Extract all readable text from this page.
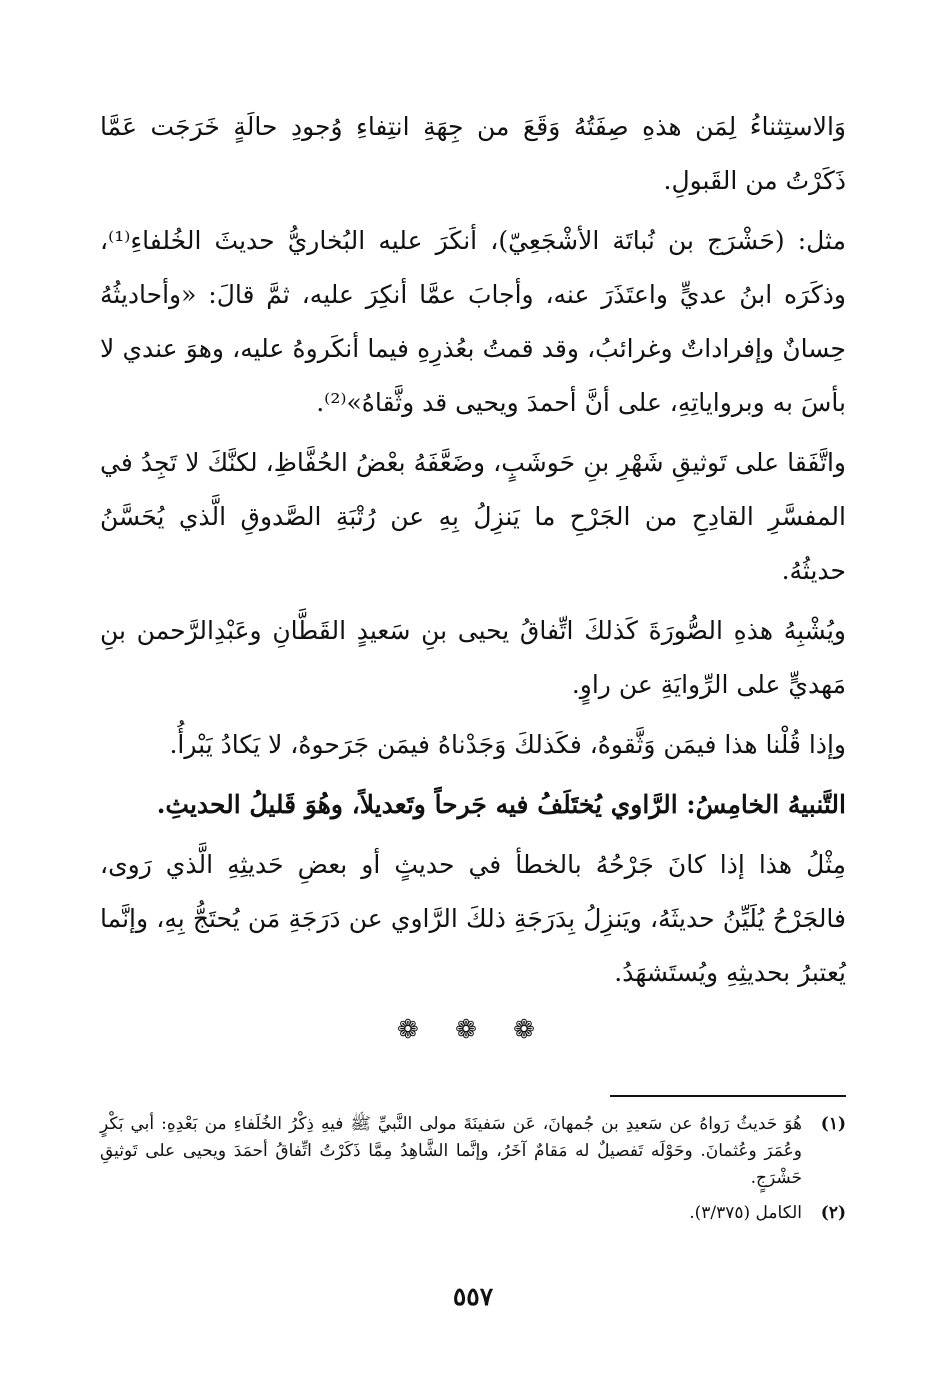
وَالاستِثناءُ لِمَن هذهِ صِفَتُهُ وَقَعَ من جِهَةِ انتِفاءِ وُجودِ حالَةٍ خَرَجَت عَمَّا ذَكَرْتُ من القَبولِ.

مثل: (حَشْرَج بن نُباتَة الأشْجَعِيّ)، أنكَرَ عليه البُخاريُّ حديثَ الخُلفاءِ⁽¹⁾، وذكَرَه ابنُ عديٍّ واعتَذَرَ عنه، وأجابَ عمَّا أنكِرَ عليه، ثمَّ قالَ: «وأحاديثُهُ حِسانٌ وإفراداتٌ وغرائبُ، وقد قمتُ بعُذرِهِ فيما أنكَروهُ عليه، وهوَ عندي لا بأسَ به وبرواياتِهِ، على أنَّ أحمدَ ويحيى قد وثَّقاهُ»⁽²⁾.

واتَّفَقا على تَوثيقِ شَهْرِ بنِ حَوشَبٍ، وضَعَّفَهُ بعْضُ الحُفَّاظِ، لكنَّكَ لا تَجِدُ في المفسَّرِ القادِحِ من الجَرْحِ ما يَنزِلُ بِهِ عن رُتْبَةِ الصَّدوقِ الَّذي يُحَسَّنُ حديثُهُ.

ويُشْبِهُ هذهِ الصُّورَةَ كَذلكَ اتِّفاقُ يحيى بنِ سَعيدٍ القَطَّانِ وعَبْدِالرَّحمن بنِ مَهديٍّ على الرِّوايَةِ عن راوٍ.

وإذا قُلْنا هذا فيمَن وَثَّقوهُ، فكَذلكَ وَجَدْناهُ فيمَن جَرَحوهُ، لا يَكادُ يَبْرأُ.

التَّنبيهُ الخامِسُ: الرَّاوي يُختَلَفُ فيه جَرحاً وتَعديلاً، وهُوَ قَليلُ الحديثِ.

مِثْلُ هذا إذا كانَ جَرْحُهُ بالخطأ في حديثٍ أو بعضِ حَديثِهِ الَّذي رَوى، فالجَرْحُ يُلَيِّنُ حديثَهُ، ويَنزِلُ بِدَرَجَةِ ذلكَ الرَّاوي عن دَرَجَةِ مَن يُحتَجُّ بِهِ، وإنَّما يُعتبرُ بحديثِهِ ويُستَشهَدُ.

❁ ❁ ❁
(١)
هُوَ حَديثُ رَواهُ عن سَعيدِ بن جُمهانَ، عَن سَفينَةَ مولى النَّبيِّ ﷺ فيهِ ذِكْرُ الخُلَفاءِ من بَعْدِهِ: أبي بَكْرٍ وعُمَرَ وعُثمانَ. وحَوْلَه تَفصيلٌ له مَقامٌ آخَرُ، وإنَّما الشَّاهِدُ مِمَّا ذَكَرْتُ اتِّفاقُ أحمَدَ ويحيى على تَوثيقِ حَشْرَجٍ.
(٢)
الكامل (٣/٣٧٥).
٥٥٧
